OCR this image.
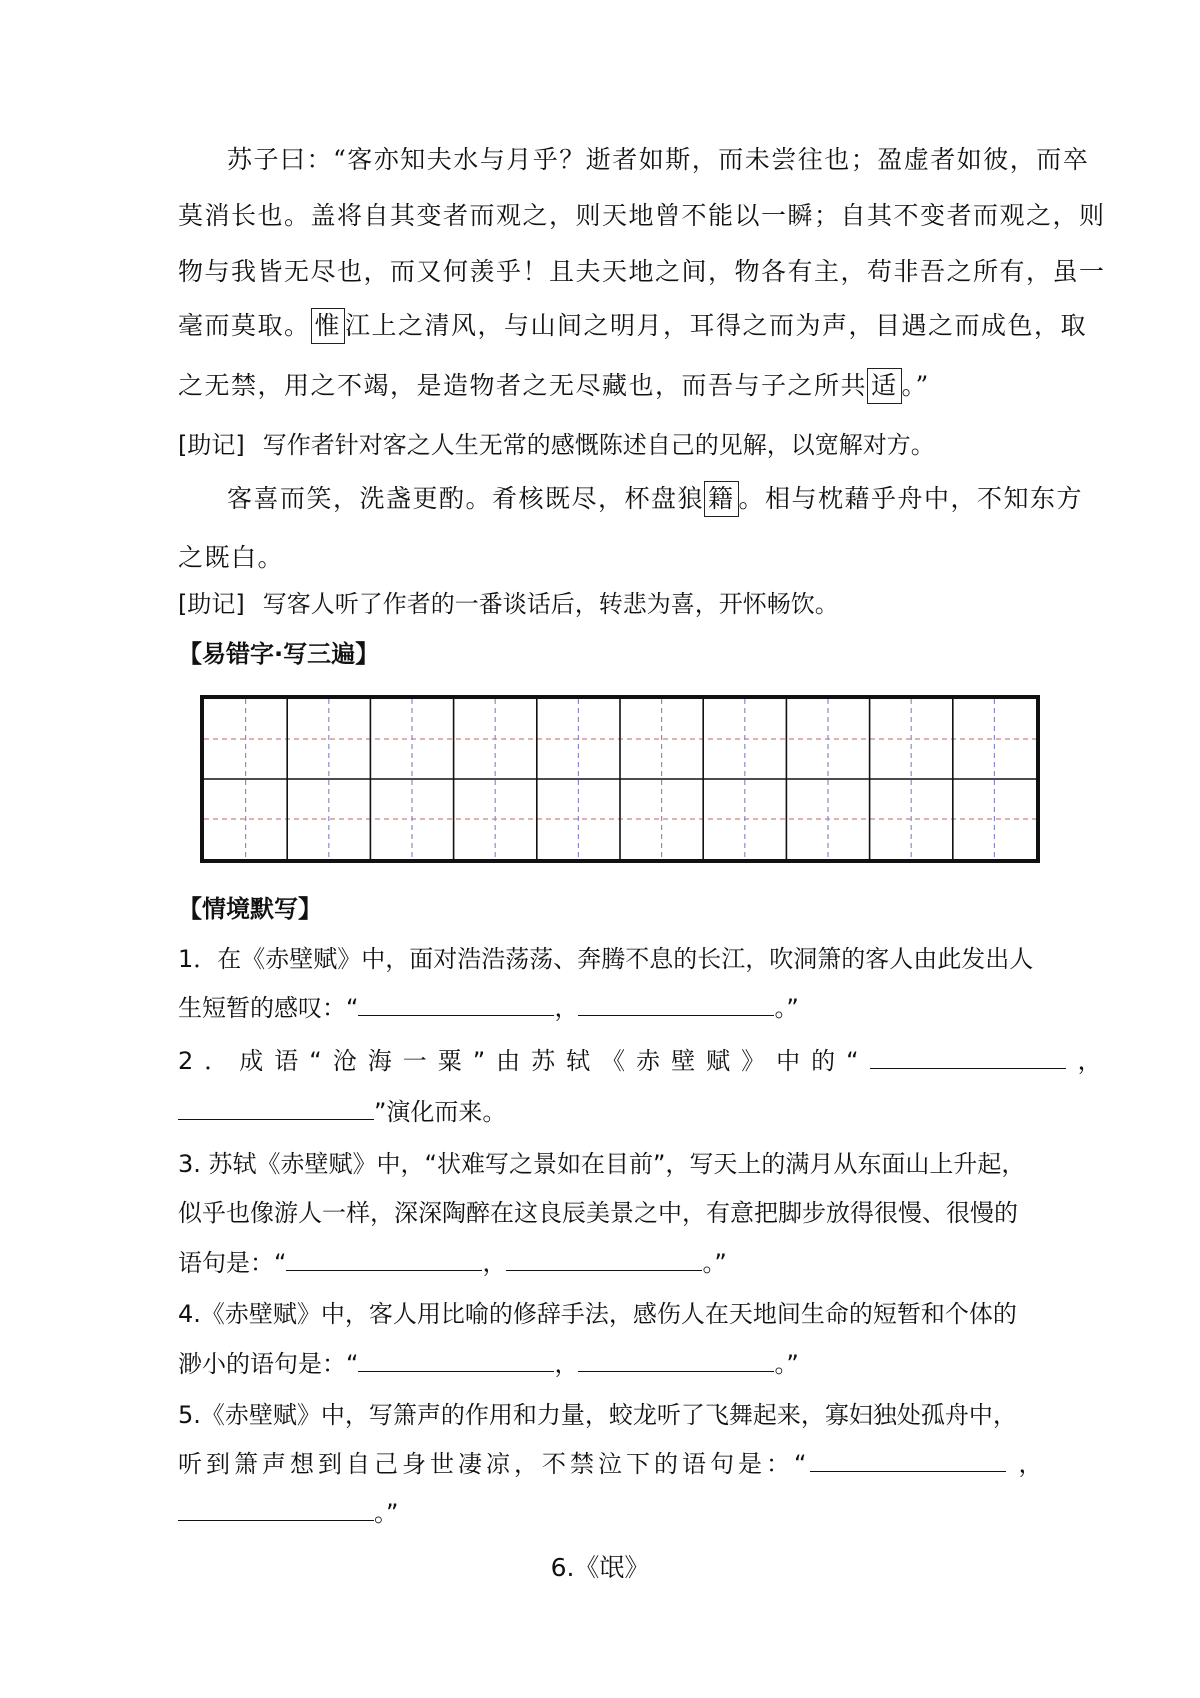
苏子曰：“客亦知夫水与月乎？逝者如斯，而未尝往也；盈虚者如彼，而卒
莫消长也。盖将自其变者而观之，则天地曾不能以一瞬；自其不变者而观之，则
物与我皆无尽也，而又何羡乎！且夫天地之间，物各有主，苟非吾之所有，虽一
毫而莫取。 惟 江上之清风，与山间之明月，耳得之而为声，目遇之而成色，取
之无禁，用之不竭，是造物者之无尽藏也，而吾与子之所共 适 。”
[助记] 写作者针对客之人生无常的感慨陈述自己的见解，以宽解对方。
客喜而笑，洗盏更酌。肴核既尽，杯盘狼 籍 。相与枕藉乎舟中，不知东方
之既白。
[助记] 写客人听了作者的一番谈话后，转悲为喜，开怀畅饮。
【易错字·写三遍】
【情境默写】
1．在《赤壁赋》中，面对浩浩荡荡、奔腾不息的长江，吹洞箫的客人由此发出人
生短暂的感叹：“	，	。”
2．成语“沧海一粟”由苏轼《赤壁赋》中的“	，
”演化而来。
3. 苏轼《赤壁赋》中，“状难写之景如在目前”，写天上的满月从东面山上升起，
似乎也像游人一样，深深陶醉在这良辰美景之中，有意把脚步放得很慢、很慢的
语句是：“	，	。”
4.《赤壁赋》中，客人用比喻的修辞手法，感伤人在天地间生命的短暂和个体的
渺小的语句是：“	，	。”
5.《赤壁赋》中，写箫声的作用和力量，蛟龙听了飞舞起来，寡妇独处孤舟中，
听到箫声想到自己身世凄凉，不禁泣下的语句是：“	，
。”
6.《氓》
